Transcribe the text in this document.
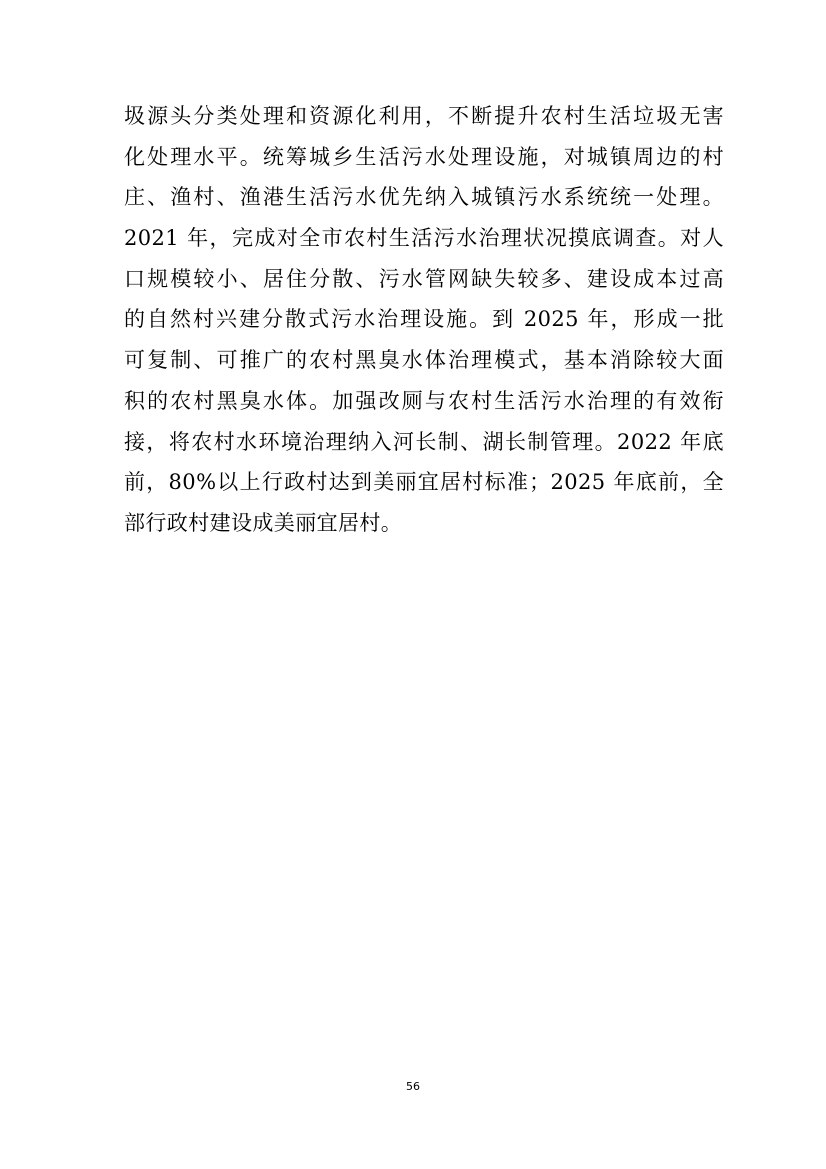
圾源头分类处理和资源化利用，不断提升农村生活垃圾无害
化处理水平。统筹城乡生活污水处理设施，对城镇周边的村
庄、渔村、渔港生活污水优先纳入城镇污水系统统一处理。
2021 年，完成对全市农村生活污水治理状况摸底调查。对人
口规模较小、居住分散、污水管网缺失较多、建设成本过高
的自然村兴建分散式污水治理设施。到 2025 年，形成一批
可复制、可推广的农村黑臭水体治理模式，基本消除较大面
积的农村黑臭水体。加强改厕与农村生活污水治理的有效衔
接，将农村水环境治理纳入河长制、湖长制管理。2022 年底
前，80%以上行政村达到美丽宜居村标准；2025 年底前，全
部行政村建设成美丽宜居村。
56
